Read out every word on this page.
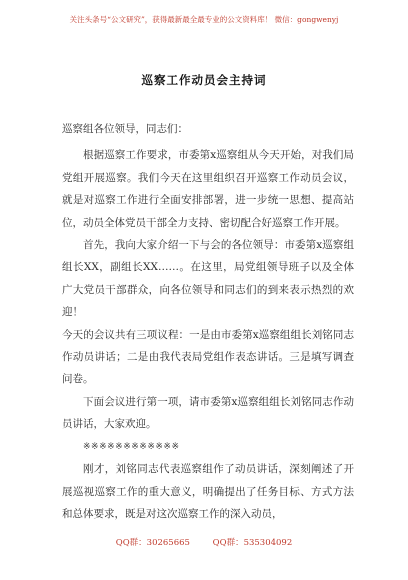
关注头条号“公文研究”，获得最新最全最专业的公文资料库！ 微信：gongwenyj
巡察工作动员会主持词

巡察组各位领导，同志们：

根据巡察工作要求，市委第x巡察组从今天开始，对我们局党组开展巡察。我们今天在这里组织召开巡察工作动员会议，就是对巡察工作进行全面安排部署，进一步统一思想、提高站位，动员全体党员干部全力支持、密切配合好巡察工作开展。

首先，我向大家介绍一下与会的各位领导：市委第x巡察组组长XX，副组长XX……。在这里，局党组领导班子以及全体广大党员干部群众，向各位领导和同志们的到来表示热烈的欢迎！

今天的会议共有三项议程：一是由市委第x巡察组组长刘铭同志作动员讲话；二是由我代表局党组作表态讲话。三是填写调查问卷。

下面会议进行第一项，请市委第x巡察组组长刘铭同志作动员讲话，大家欢迎。

※※※※※※※※※※※※

刚才，刘铭同志代表巡察组作了动员讲话，深刻阐述了开展巡视巡察工作的重大意义，明确提出了任务目标、方式方法和总体要求，既是对这次巡察工作的深入动员，

QQ群：30265665	QQ群：535304092
